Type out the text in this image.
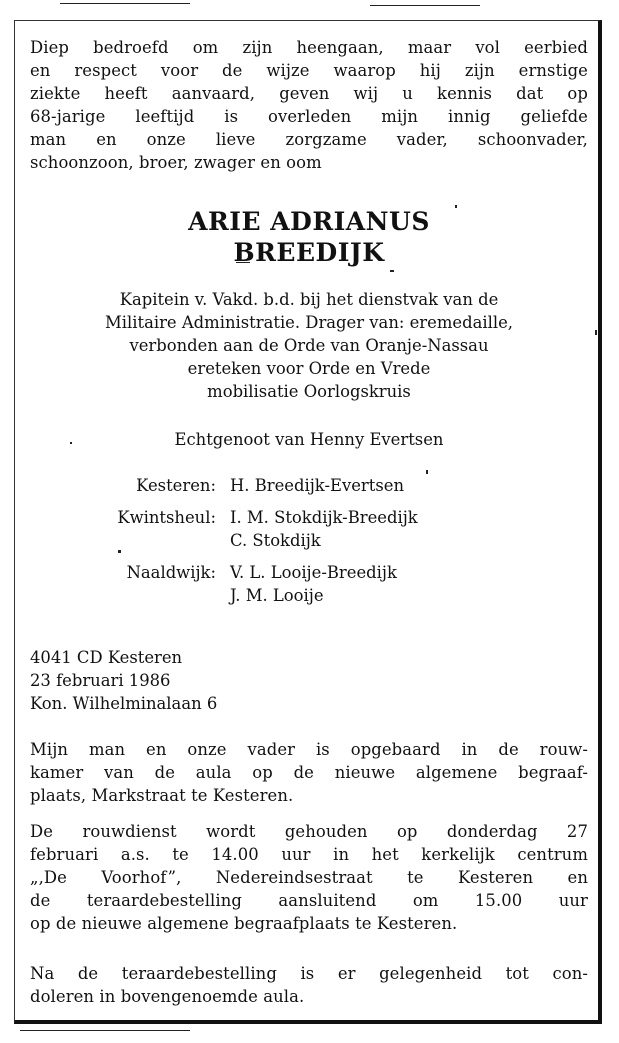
Diep bedroefd om zijn heengaan, maar vol eerbied
en respect voor de wijze waarop hij zijn ernstige
ziekte heeft aanvaard, geven wij u kennis dat op
68-jarige leeftijd is overleden mijn innig geliefde
man en onze lieve zorgzame vader, schoonvader,
schoonzoon, broer, zwager en oom
ARIE ADRIANUS
BREEDIJK
Kapitein v. Vakd. b.d. bij het dienstvak van de
Militaire Administratie. Drager van: eremedaille,
verbonden aan de Orde van Oranje-Nassau
ereteken voor Orde en Vrede
mobilisatie Oorlogskruis
Echtgenoot van Henny Evertsen
Kesteren: H. Breedijk-Evertsen
Kwintsheul: I. M. Stokdijk-Breedijk
C. Stokdijk
Naaldwijk: V. L. Looije-Breedijk
J. M. Looije
4041 CD Kesteren
23 februari 1986
Kon. Wilhelminalaan 6
Mijn man en onze vader is opgebaard in de rouw-
kamer van de aula op de nieuwe algemene begraaf-
plaats, Markstraat te Kesteren.
De rouwdienst wordt gehouden op donderdag 27
februari a.s. te 14.00 uur in het kerkelijk centrum
„,De Voorhof”, Nedereindsestraat te Kesteren en
de teraardebestelling aansluitend om 15.00 uur
op de nieuwe algemene begraafplaats te Kesteren.
Na de teraardebestelling is er gelegenheid tot con-
doleren in bovengenoemde aula.
